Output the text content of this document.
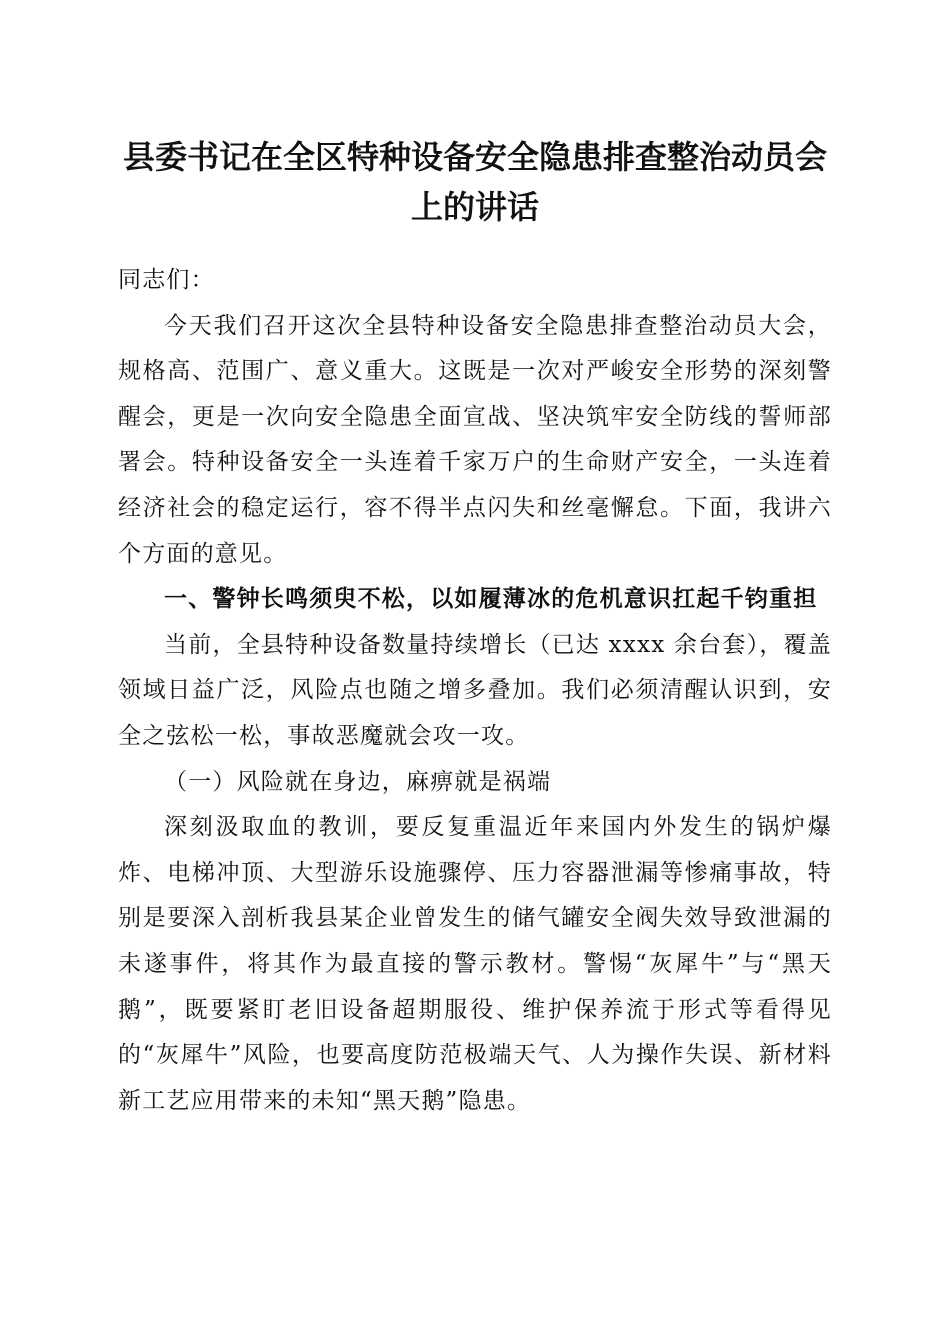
县委书记在全区特种设备安全隐患排查整治动员会上的讲话

同志们：

今天我们召开这次全县特种设备安全隐患排查整治动员大会，规格高、范围广、意义重大。这既是一次对严峻安全形势的深刻警醒会，更是一次向安全隐患全面宣战、坚决筑牢安全防线的誓师部署会。特种设备安全一头连着千家万户的生命财产安全，一头连着经济社会的稳定运行，容不得半点闪失和丝毫懈怠。下面，我讲六个方面的意见。

一、警钟长鸣须臾不松，以如履薄冰的危机意识扛起千钧重担

当前，全县特种设备数量持续增长（已达 xxxx 余台套），覆盖领域日益广泛，风险点也随之增多叠加。我们必须清醒认识到，安全之弦松一松，事故恶魔就会攻一攻。

（一）风险就在身边，麻痹就是祸端

深刻汲取血的教训，要反复重温近年来国内外发生的锅炉爆炸、电梯冲顶、大型游乐设施骤停、压力容器泄漏等惨痛事故，特别是要深入剖析我县某企业曾发生的储气罐安全阀失效导致泄漏的未遂事件，将其作为最直接的警示教材。警惕“灰犀牛”与“黑天鹅”，既要紧盯老旧设备超期服役、维护保养流于形式等看得见的“灰犀牛”风险，也要高度防范极端天气、人为操作失误、新材料新工艺应用带来的未知“黑天鹅”隐患。
